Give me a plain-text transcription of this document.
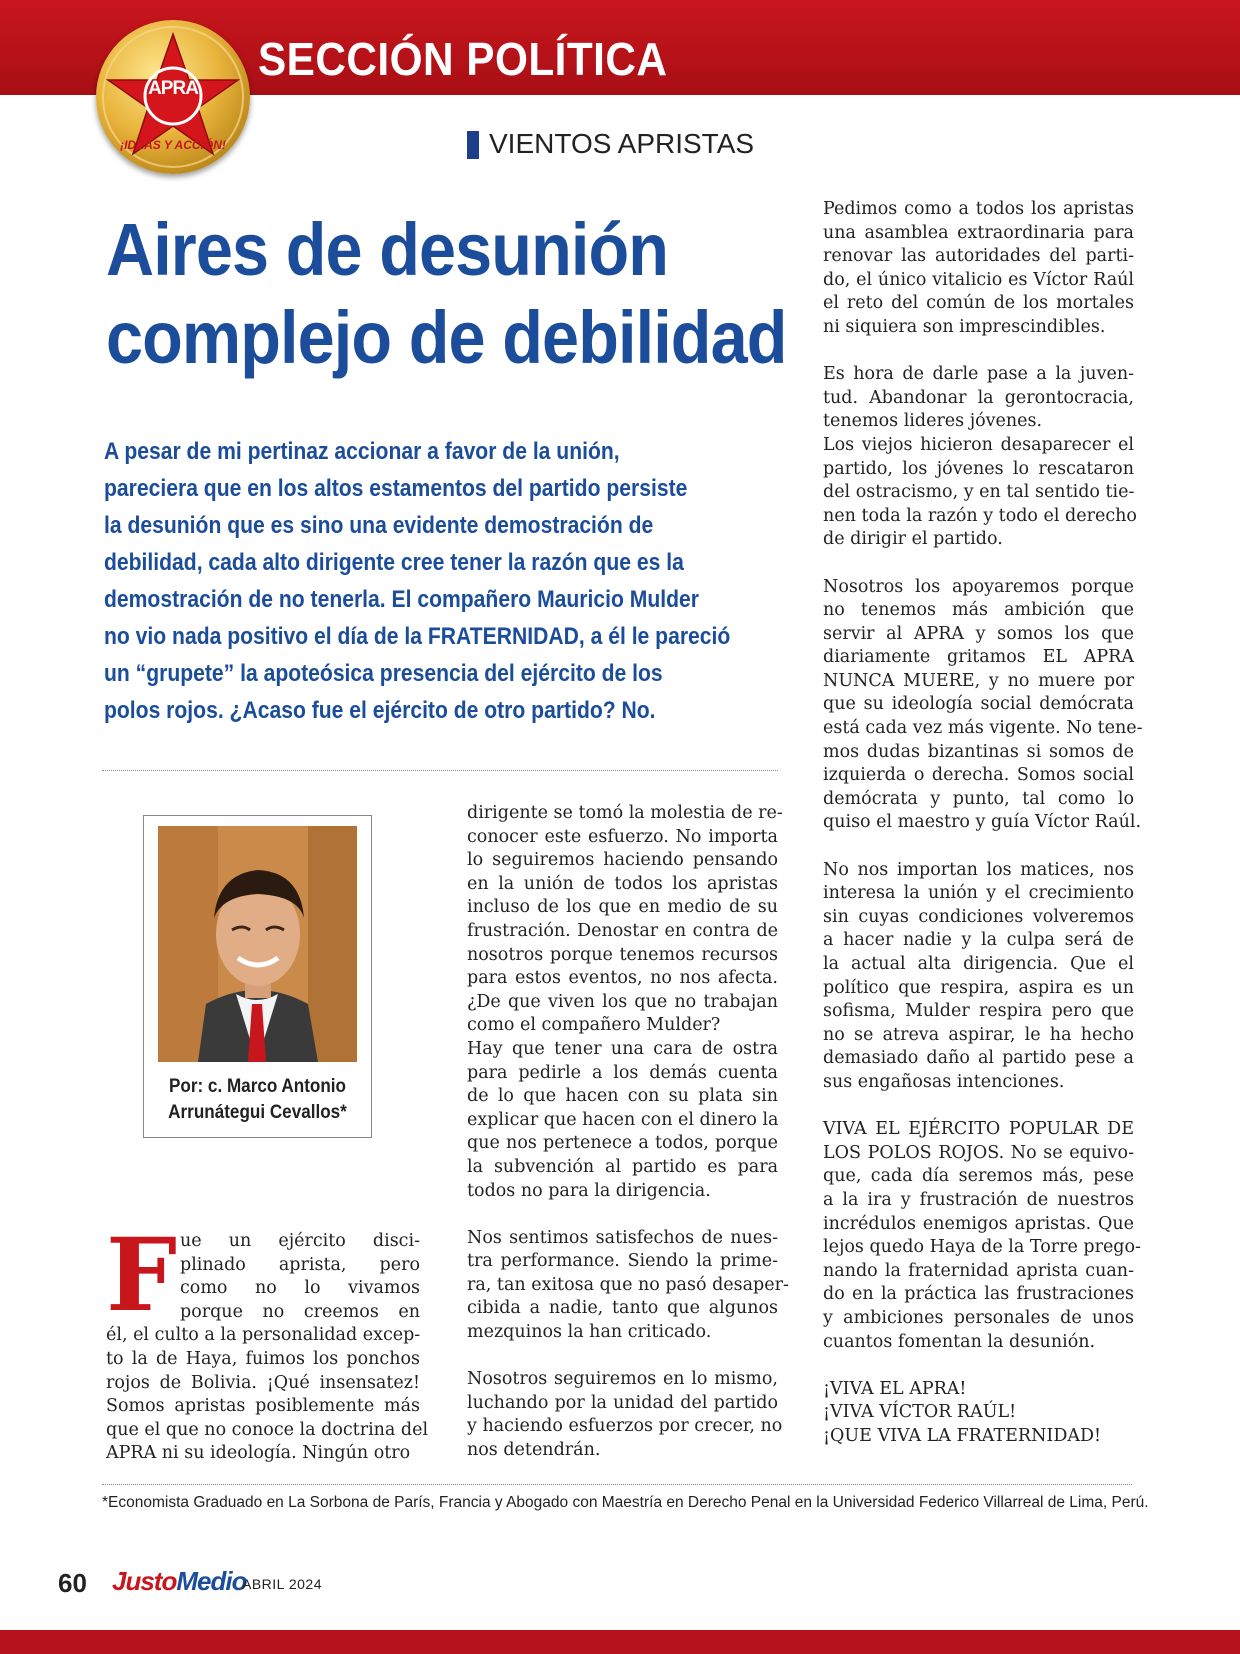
SECCIÓN POLÍTICA
APRA
¡IDEAS Y ACCIÓN!	VIENTOS APRISTAS
Aires de desunión
complejo de debilidad
A pesar de mi pertinaz accionar a favor de la unión,
pareciera que en los altos estamentos del partido persiste
la desunión que es sino una evidente demostración de
debilidad, cada alto dirigente cree tener la razón que es la
demostración de no tenerla. El compañero Mauricio Mulder
no vio nada positivo el día de la FRATERNIDAD, a él le pareció
un “grupete” la apoteósica presencia del ejército de los
polos rojos. ¿Acaso fue el ejército de otro partido? No.
Por: c. Marco Antonio
Arrunátegui Cevallos*
F ue un ejército disci-
plinado aprista, pero
como no lo vivamos
porque no creemos en
él, el culto a la personalidad excep-
to la de Haya, fuimos los ponchos
rojos de Bolivia. ¡Qué insensatez!
Somos apristas posiblemente más
que el que no conoce la doctrina del
APRA ni su ideología. Ningún otro
dirigente se tomó la molestia de re-
conocer este esfuerzo. No importa
lo seguiremos haciendo pensando
en la unión de todos los apristas
incluso de los que en medio de su
frustración. Denostar en contra de
nosotros porque tenemos recursos
para estos eventos, no nos afecta.
¿De que viven los que no trabajan
como el compañero Mulder?
Hay que tener una cara de ostra
para pedirle a los demás cuenta
de lo que hacen con su plata sin
explicar que hacen con el dinero la
que nos pertenece a todos, porque
la subvención al partido es para
todos no para la dirigencia.
Nos sentimos satisfechos de nues-
tra performance. Siendo la prime-
ra, tan exitosa que no pasó desaper-
cibida a nadie, tanto que algunos
mezquinos la han criticado.
Nosotros seguiremos en lo mismo,
luchando por la unidad del partido
y haciendo esfuerzos por crecer, no
nos detendrán.
Pedimos como a todos los apristas
una asamblea extraordinaria para
renovar las autoridades del parti-
do, el único vitalicio es Víctor Raúl
el reto del común de los mortales
ni siquiera son imprescindibles.
Es hora de darle pase a la juven-
tud. Abandonar la gerontocracia,
tenemos lideres jóvenes.
Los viejos hicieron desaparecer el
partido, los jóvenes lo rescataron
del ostracismo, y en tal sentido tie-
nen toda la razón y todo el derecho
de dirigir el partido.
Nosotros los apoyaremos porque
no tenemos más ambición que
servir al APRA y somos los que
diariamente gritamos EL APRA
NUNCA MUERE, y no muere por
que su ideología social demócrata
está cada vez más vigente. No tene-
mos dudas bizantinas si somos de
izquierda o derecha. Somos social
demócrata y punto, tal como lo
quiso el maestro y guía Víctor Raúl.
No nos importan los matices, nos
interesa la unión y el crecimiento
sin cuyas condiciones volveremos
a hacer nadie y la culpa será de
la actual alta dirigencia. Que el
político que respira, aspira es un
sofisma, Mulder respira pero que
no se atreva aspirar, le ha hecho
demasiado daño al partido pese a
sus engañosas intenciones.
VIVA EL EJÉRCITO POPULAR DE
LOS POLOS ROJOS. No se equivo-
que, cada día seremos más, pese
a la ira y frustración de nuestros
incrédulos enemigos apristas. Que
lejos quedo Haya de la Torre prego-
nando la fraternidad aprista cuan-
do en la práctica las frustraciones
y ambiciones personales de unos
cuantos fomentan la desunión.
¡VIVA EL APRA!
¡VIVA VÍCTOR RAÚL!
¡QUE VIVA LA FRATERNIDAD!
*Economista Graduado en La Sorbona de París, Francia y Abogado con Maestría en Derecho Penal en la Universidad Federico Villarreal de Lima, Perú.
60 JustoMedio
ABRIL 2024
